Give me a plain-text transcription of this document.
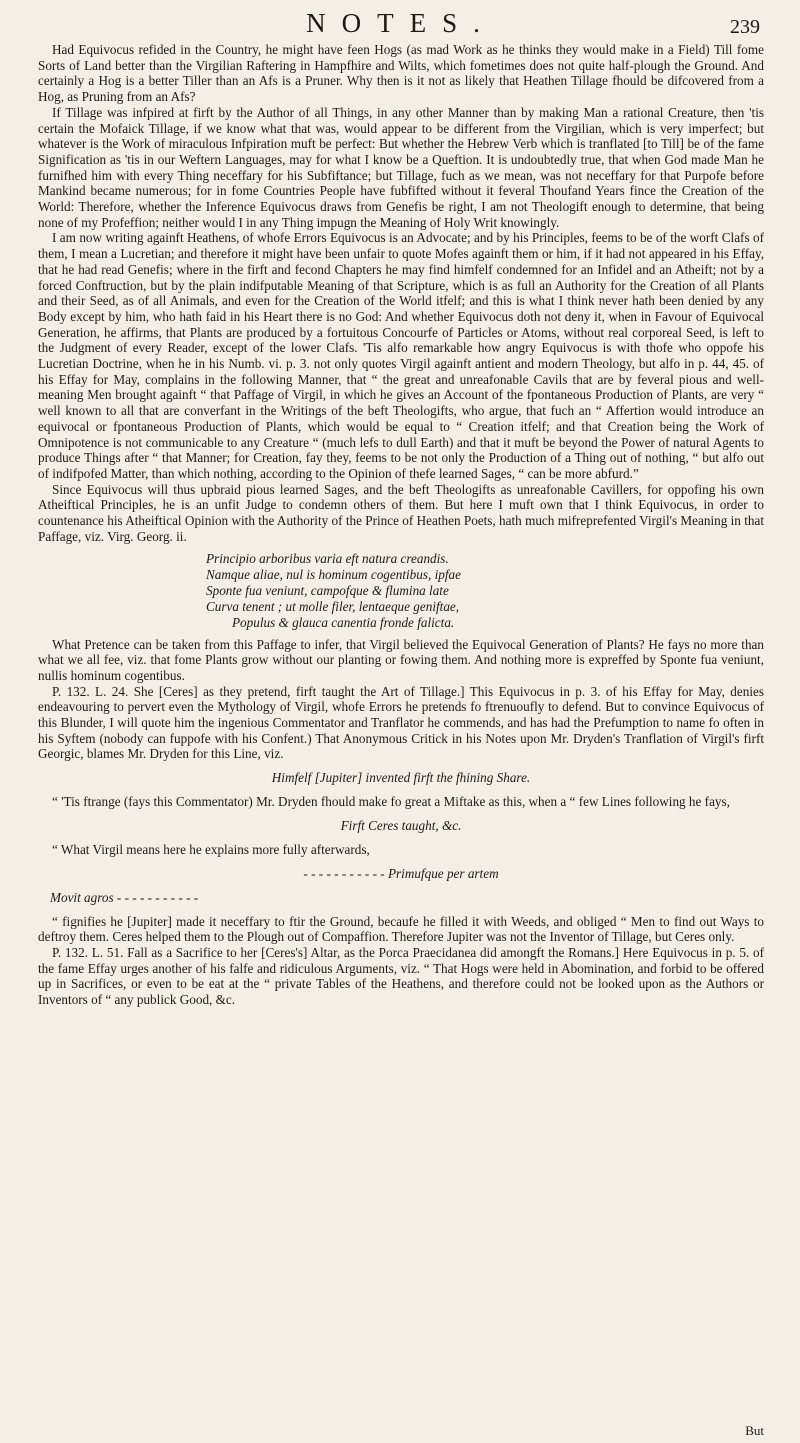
NOTES.	239

Had Equivocus refided in the Country, he might have feen Hogs (as mad Work as he thinks they would make in a Field) Till fome Sorts of Land better than the Virgilian Raftering in Hampfhire and Wilts, which fometimes does not quite half-plough the Ground. And certainly a Hog is a better Tiller than an Afs is a Pruner. Why then is it not as likely that Heathen Tillage fhould be difcovered from a Hog, as Pruning from an Afs?

If Tillage was infpired at firft by the Author of all Things, in any other Manner than by making Man a rational Creature, then 'tis certain the Mofaick Tillage, if we know what that was, would appear to be different from the Virgilian, which is very imperfect; but whatever is the Work of miraculous Infpiration muft be perfect: But whether the Hebrew Verb which is tranflated [to Till] be of the fame Signification as 'tis in our Weftern Languages, may for what I know be a Queftion. It is undoubtedly true, that when God made Man he furnifhed him with every Thing neceffary for his Subfiftance; but Tillage, fuch as we mean, was not neceffary for that Purpofe before Mankind became numerous; for in fome Countries People have fubfifted without it feveral Thoufand Years fince the Creation of the World: Therefore, whether the Inference Equivocus draws from Genefis be right, I am not Theologift enough to determine, that being none of my Profeffion; neither would I in any Thing impugn the Meaning of Holy Writ knowingly.

I am now writing againft Heathens, of whofe Errors Equivocus is an Advocate; and by his Principles, feems to be of the worft Clafs of them, I mean a Lucretian; and therefore it might have been unfair to quote Mofes againft them or him, if it had not appeared in his Effay, that he had read Genefis; where in the firft and fecond Chapters he may find himfelf condemned for an Infidel and an Atheift; not by a forced Conftruction, but by the plain indifputable Meaning of that Scripture, which is as full an Authority for the Creation of all Plants and their Seed, as of all Animals, and even for the Creation of the World itfelf; and this is what I think never hath been denied by any Body except by him, who hath faid in his Heart there is no God: And whether Equivocus doth not deny it, when in Favour of Equivocal Generation, he affirms, that Plants are produced by a fortuitous Concourfe of Particles or Atoms, without real corporeal Seed, is left to the Judgment of every Reader, except of the lower Clafs. 'Tis alfo remarkable how angry Equivocus is with thofe who oppofe his Lucretian Doctrine, when he in his Numb. vi. p. 3. not only quotes Virgil againft antient and modern Theology, but alfo in p. 44, 45. of his Effay for May, complains in the following Manner, that “ the great and unreafonable Cavils that are by feveral pious and well-meaning Men brought againft “ that Paffage of Virgil, in which he gives an Account of the fpontaneous Production of Plants, are very “ well known to all that are converfant in the Writings of the beft Theologifts, who argue, that fuch an “ Affertion would introduce an equivocal or fpontaneous Production of Plants, which would be equal to “ Creation itfelf; and that Creation being the Work of Omnipotence is not communicable to any Creature “ (much lefs to dull Earth) and that it muft be beyond the Power of natural Agents to produce Things after “ that Manner; for Creation, fay they, feems to be not only the Production of a Thing out of nothing, “ but alfo out of indifpofed Matter, than which nothing, according to the Opinion of thefe learned Sages, “ can be more abfurd.”

Since Equivocus will thus upbraid pious learned Sages, and the beft Theologifts as unreafonable Cavillers, for oppofing his own Atheiftical Principles, he is an unfit Judge to condemn others of them. But here I muft own that I think Equivocus, in order to countenance his Atheiftical Opinion with the Authority of the Prince of Heathen Poets, hath much mifreprefented Virgil's Meaning in that Paffage, viz. Virg. Georg. ii.

Principio arboribus varia eft natura creandis.
Namque aliae, nul is hominum cogentibus, ipfae
Sponte fua veniunt, campofque & flumina late
Curva tenent ; ut molle filer, lentaeque geniftae,
Populus & glauca canentia fronde falicta.

What Pretence can be taken from this Paffage to infer, that Virgil believed the Equivocal Generation of Plants? He fays no more than what we all fee, viz. that fome Plants grow without our planting or fowing them. And nothing more is expreffed by Sponte fua veniunt, nullis hominum cogentibus.

P. 132. L. 24. She [Ceres] as they pretend, firft taught the Art of Tillage.] This Equivocus in p. 3. of his Effay for May, denies endeavouring to pervert even the Mythology of Virgil, whofe Errors he pretends fo ftrenuoufly to defend. But to convince Equivocus of this Blunder, I will quote him the ingenious Commentator and Tranflator he commends, and has had the Prefumption to name fo often in his Syftem (nobody can fuppofe with his Confent.) That Anonymous Critick in his Notes upon Mr. Dryden's Tranflation of Virgil's firft Georgic, blames Mr. Dryden for this Line, viz.

Himfelf [Jupiter] invented firft the fhining Share.

“ 'Tis ftrange (fays this Commentator) Mr. Dryden fhould make fo great a Miftake as this, when a “ few Lines following he fays,

Firft Ceres taught, &c.

“ What Virgil means here he explains more fully afterwards,

- - - - - - - - - - - Primufque per artem
Movit agros - - - - - - - - - - -

“ fignifies he [Jupiter] made it neceffary to ftir the Ground, becaufe he filled it with Weeds, and obliged “ Men to find out Ways to deftroy them. Ceres helped them to the Plough out of Compaffion. Therefore Jupiter was not the Inventor of Tillage, but Ceres only.

P. 132. L. 51. Fall as a Sacrifice to her [Ceres's] Altar, as the Porca Praecidanea did amongft the Romans.] Here Equivocus in p. 5. of the fame Effay urges another of his falfe and ridiculous Arguments, viz. “ That Hogs were held in Abomination, and forbid to be offered up in Sacrifices, or even to be eat at the “ private Tables of the Heathens, and therefore could not be looked upon as the Authors or Inventors of “ any publick Good, &c.

But
